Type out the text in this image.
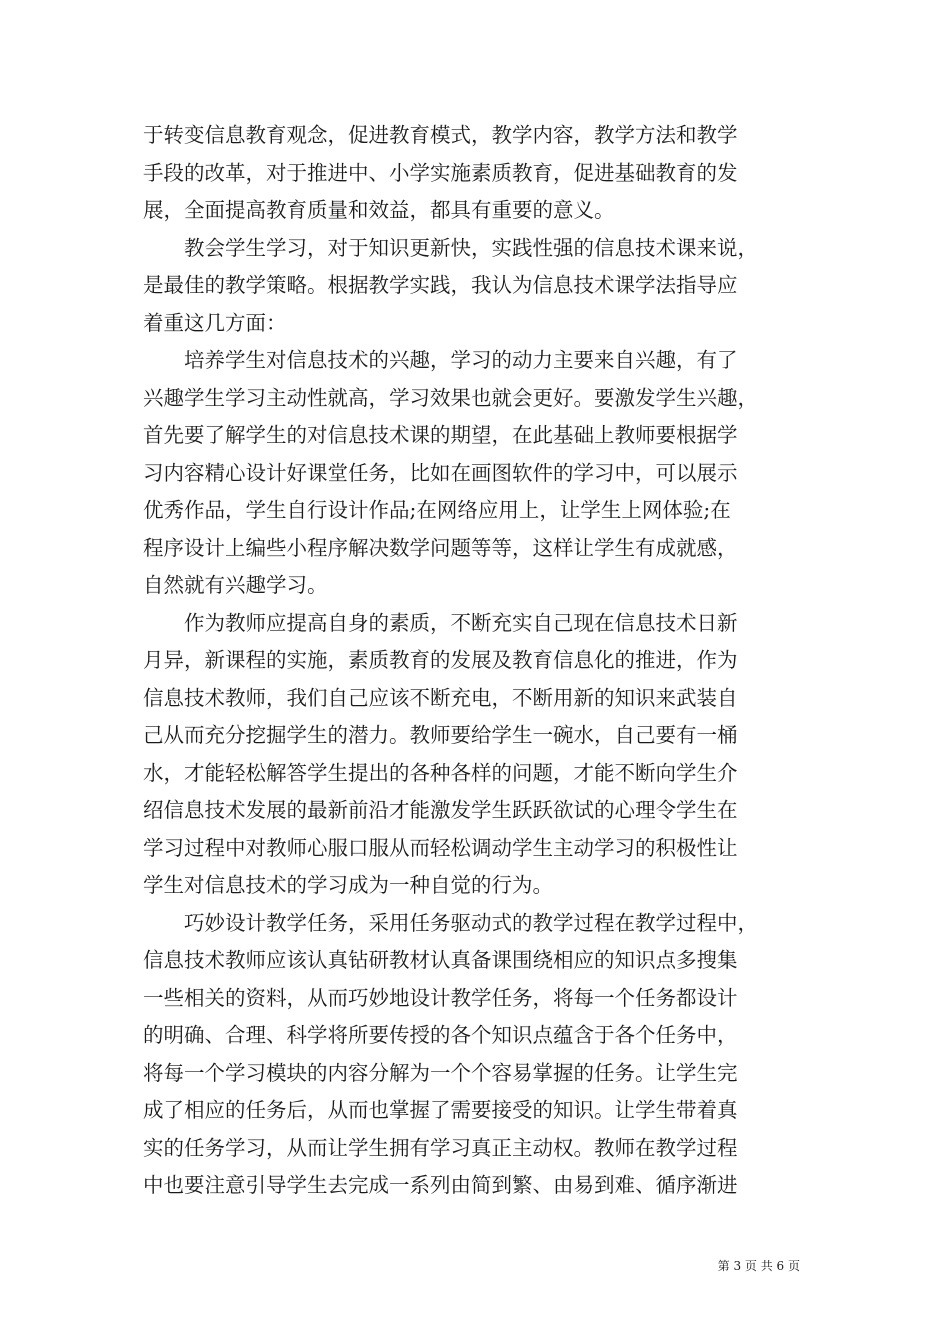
于转变信息教育观念，促进教育模式，教学内容，教学方法和教学
手段的改革，对于推进中、小学实施素质教育，促进基础教育的发
展，全面提高教育质量和效益，都具有重要的意义。
教会学生学习，对于知识更新快，实践性强的信息技术课来说，
是最佳的教学策略。根据教学实践，我认为信息技术课学法指导应
着重这几方面：
培养学生对信息技术的兴趣，学习的动力主要来自兴趣，有了
兴趣学生学习主动性就高，学习效果也就会更好。要激发学生兴趣，
首先要了解学生的对信息技术课的期望，在此基础上教师要根据学
习内容精心设计好课堂任务，比如在画图软件的学习中，可以展示
优秀作品，学生自行设计作品;在网络应用上，让学生上网体验;在
程序设计上编些小程序解决数学问题等等，这样让学生有成就感，
自然就有兴趣学习。
作为教师应提高自身的素质，不断充实自己现在信息技术日新
月异，新课程的实施，素质教育的发展及教育信息化的推进，作为
信息技术教师，我们自己应该不断充电，不断用新的知识来武装自
己从而充分挖掘学生的潜力。教师要给学生一碗水，自己要有一桶
水，才能轻松解答学生提出的各种各样的问题，才能不断向学生介
绍信息技术发展的最新前沿才能激发学生跃跃欲试的心理令学生在
学习过程中对教师心服口服从而轻松调动学生主动学习的积极性让
学生对信息技术的学习成为一种自觉的行为。
巧妙设计教学任务，采用任务驱动式的教学过程在教学过程中，
信息技术教师应该认真钻研教材认真备课围绕相应的知识点多搜集
一些相关的资料，从而巧妙地设计教学任务，将每一个任务都设计
的明确、合理、科学将所要传授的各个知识点蕴含于各个任务中，
将每一个学习模块的内容分解为一个个容易掌握的任务。让学生完
成了相应的任务后，从而也掌握了需要接受的知识。让学生带着真
实的任务学习，从而让学生拥有学习真正主动权。教师在教学过程
中也要注意引导学生去完成一系列由简到繁、由易到难、循序渐进
第 3 页 共 6 页
